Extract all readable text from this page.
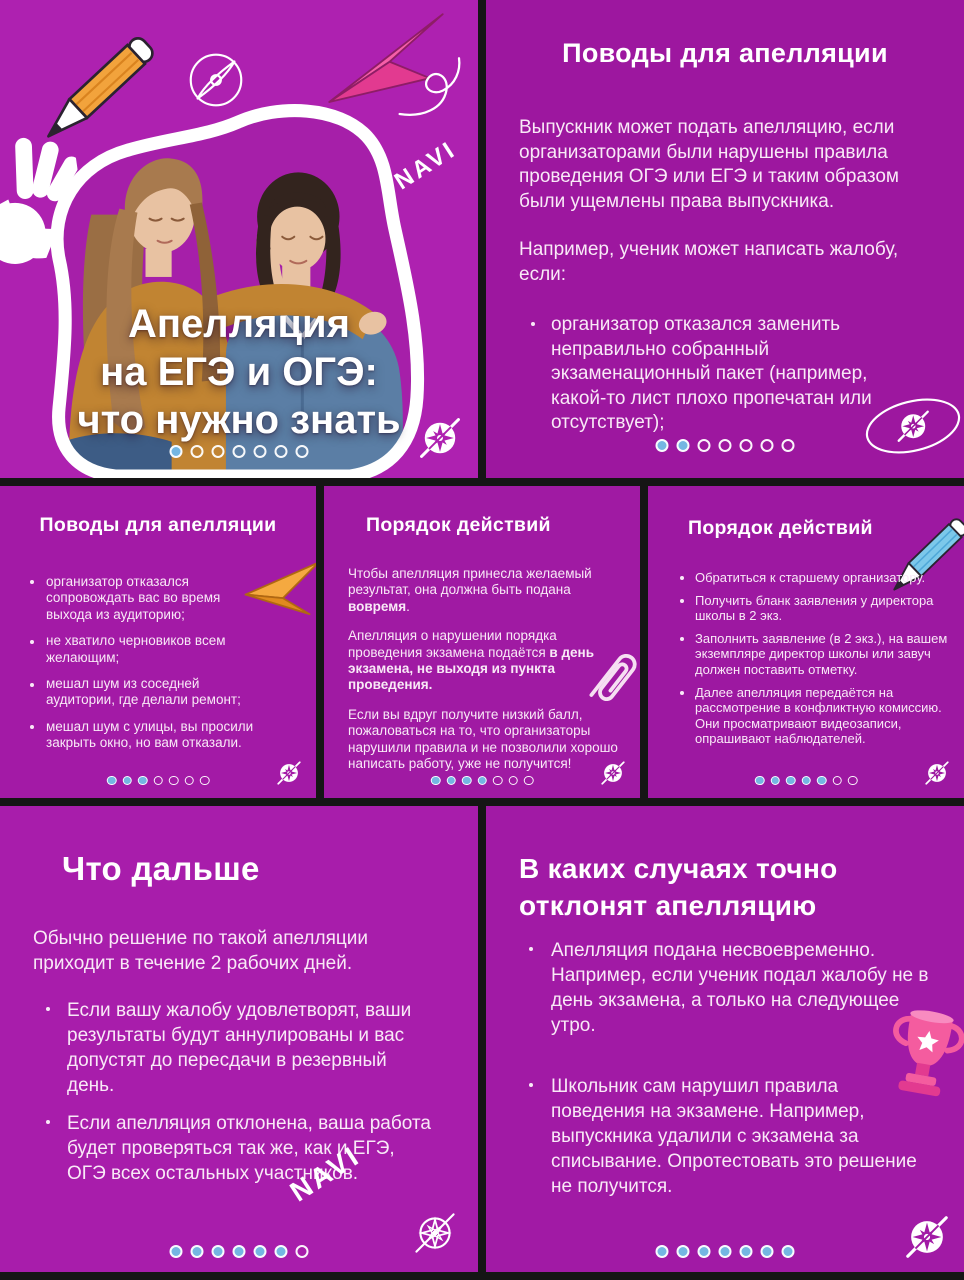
NAVI
Апелляция
на ЕГЭ и ОГЭ:
что нужно знать
Поводы для апелляции

Выпускник может подать апелляцию, если организаторами были нарушены правила проведения ОГЭ или ЕГЭ и таким образом были ущемлены права выпускника.

Например, ученик может написать жалобу, если:

организатор отказался заменить неправильно собранный экзаменационный пакет (например, какой-то лист плохо пропечатан или отсутствует);
Поводы для апелляции
организатор отказался сопровождать вас во время выхода из аудиторию;
не хватило черновиков всем желающим;
мешал шум из соседней аудитории, где делали ремонт;
мешал шум с улицы, вы просили закрыть окно, но вам отказали.
Порядок действий

Чтобы апелляция принесла желаемый результат, она должна быть подана вовремя.

Апелляция о нарушении порядка проведения экзамена подаётся в день экзамена, не выходя из пункта проведения.

Если вы вдруг получите низкий балл, пожаловаться на то, что организаторы нарушили правила и не позволили хорошо написать работу, уже не получится!

Порядок действий
Обратиться к старшему организатору.
Получить бланк заявления у директора школы в 2 экз.
Заполнить заявление (в 2 экз.), на вашем экземпляре директор школы или завуч должен поставить отметку.
Далее апелляция передаётся на рассмотрение в конфликтную комиссию. Они просматривают видеозаписи, опрашивают наблюдателей.
Что дальше

Обычно решение по такой апелляции приходит в течение 2 рабочих дней.

Если вашу жалобу удовлетворят, ваши результаты будут аннулированы и вас допустят до пересдачи в резервный день.
Если апелляция отклонена, ваша работа будет проверяться так же, как и ЕГЭ, ОГЭ всех остальных участников.
NAVI
В каких случаях точно
отклонят апелляцию
Апелляция подана несвоевременно. Например, если ученик подал жалобу не в день экзамена, а только на следующее утро.
Школьник сам нарушил правила поведения на экзамене. Например, выпускника удалили с экзамена за списывание. Опротестовать это решение не получится.
